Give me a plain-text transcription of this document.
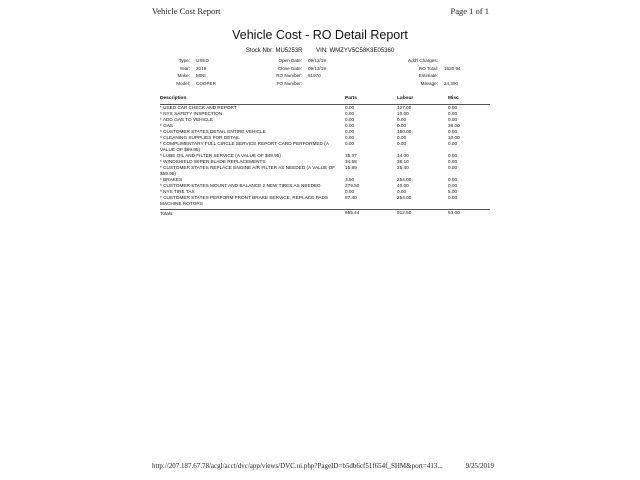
Vehicle Cost Report	Page 1 of 1
Vehicle Cost - RO Detail Report
Stock Nbr: MU5253R VIN: WMZYV5C58K3E05360
Type: USED
Year: 2019
Make: MINI
Model: COOPER
Open Date: 09/12/19
Close Date: 09/13/19
RO Number: 81970
PO Number:
Add'l Charges:
RO Total: 1520.94
Estimate:
Mileage: 24,390
Description	Parts	Labour	Misc
* USED CAR CHECK AND REPORT	0.00	127.00	0.00
* NYS SAFETY INSPECTION	0.00	10.00	0.00
* ADD GAS TO VEHICLE	0.00	0.00	0.00
* GAS	0.00	0.00	38.00
* CUSTOMER STATES DETAIL ENTIRE VEHICLE	0.00	150.00	0.00
* CLEANING SUPPLIES FOR DETAIL	0.00	0.00	10.00
* COMPLIMENTARY FULL CIRCLE SERVICE REPORT CARD PERFORMED (A VALUE OF $69.95)
0.00	0.00	0.00
* LUBE OIL AND FILTER SERVICE (A VALUE OF $49.95)	35.37	14.00	0.00
* WINDSHIELD WIPER BLADE REPLACEMENTS	34.58	38.10	0.00
* CUSTOMER STATES REPLACE ENGINE AIR FILTER AS NEEDED (A VALUE OF $59.95)
15.89	25.40	0.00
* BRAKES	3.50	254.00	0.00
* CUSTOMER STATES MOUNT AND BALANCE 2 NEW TIRES AS NEEDED	379.50	40.00	0.00
* NYS TIRE TAX	0.00	0.00	5.00
* CUSTOMER STATES PERFORM FRONT BRAKE SERVICE, REPLACE PADS MACHINE ROTORS
87.40	254.00	0.00
Totals:	555.44	912.50	53.00
http://207.187.67.78/acgl/acct/dvc/app/views/DVC.ui.php?PageID=b5db6cf51f654f_SHM&port=413...	9/25/2019
